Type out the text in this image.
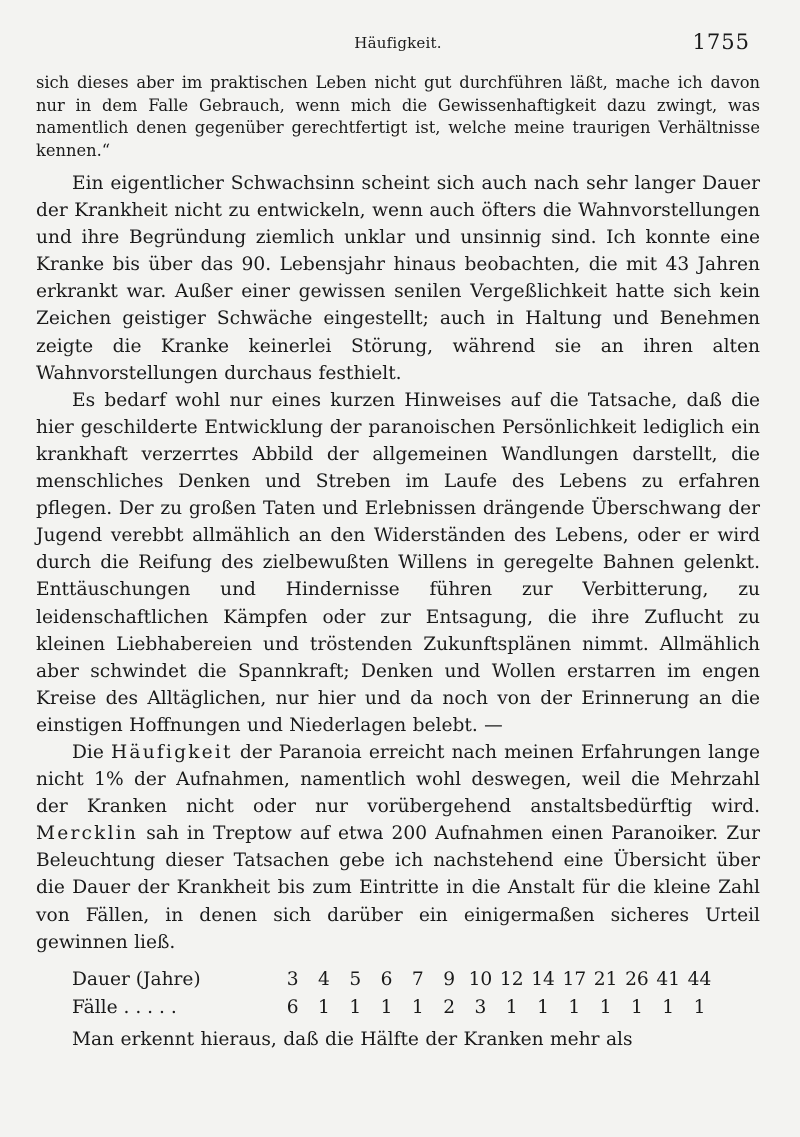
Häufigkeit.	1755

sich dieses aber im praktischen Leben nicht gut durchführen läßt, mache ich davon nur in dem Falle Gebrauch, wenn mich die Gewissenhaftigkeit dazu zwingt, was namentlich denen gegenüber gerechtfertigt ist, welche meine traurigen Verhältnisse kennen.“

Ein eigentlicher Schwachsinn scheint sich auch nach sehr langer Dauer der Krankheit nicht zu entwickeln, wenn auch öfters die Wahnvorstellungen und ihre Begründung ziemlich unklar und unsinnig sind. Ich konnte eine Kranke bis über das 90. Lebensjahr hinaus beobachten, die mit 43 Jahren erkrankt war. Außer einer gewissen senilen Vergeßlichkeit hatte sich kein Zeichen geistiger Schwäche eingestellt; auch in Haltung und Benehmen zeigte die Kranke keinerlei Störung, während sie an ihren alten Wahnvorstellungen durchaus festhielt.

Es bedarf wohl nur eines kurzen Hinweises auf die Tatsache, daß die hier geschilderte Entwicklung der paranoischen Persönlichkeit lediglich ein krankhaft verzerrtes Abbild der allgemeinen Wandlungen darstellt, die menschliches Denken und Streben im Laufe des Lebens zu erfahren pflegen. Der zu großen Taten und Erlebnissen drängende Überschwang der Jugend verebbt allmählich an den Widerständen des Lebens, oder er wird durch die Reifung des zielbewußten Willens in geregelte Bahnen gelenkt. Enttäuschungen und Hindernisse führen zur Verbitterung, zu leidenschaftlichen Kämpfen oder zur Entsagung, die ihre Zuflucht zu kleinen Liebhabereien und tröstenden Zukunftsplänen nimmt. Allmählich aber schwindet die Spannkraft; Denken und Wollen erstarren im engen Kreise des Alltäglichen, nur hier und da noch von der Erinnerung an die einstigen Hoffnungen und Niederlagen belebt. —

Die Häufigkeit der Paranoia erreicht nach meinen Erfahrungen lange nicht 1% der Aufnahmen, namentlich wohl deswegen, weil die Mehrzahl der Kranken nicht oder nur vorübergehend anstaltsbedürftig wird. Mercklin sah in Treptow auf etwa 200 Aufnahmen einen Paranoiker. Zur Beleuchtung dieser Tatsachen gebe ich nachstehend eine Übersicht über die Dauer der Krankheit bis zum Eintritte in die Anstalt für die kleine Zahl von Fällen, in denen sich darüber ein einigermaßen sicheres Urteil gewinnen ließ.

Dauer (Jahre)	3	4	5	6	7	9	10	12	14	17	21	26	41	44
Fälle . . . . .	6	1	1	1	1	2	3	1	1	1	1	1	1	1

Man erkennt hieraus, daß die Hälfte der Kranken mehr als
